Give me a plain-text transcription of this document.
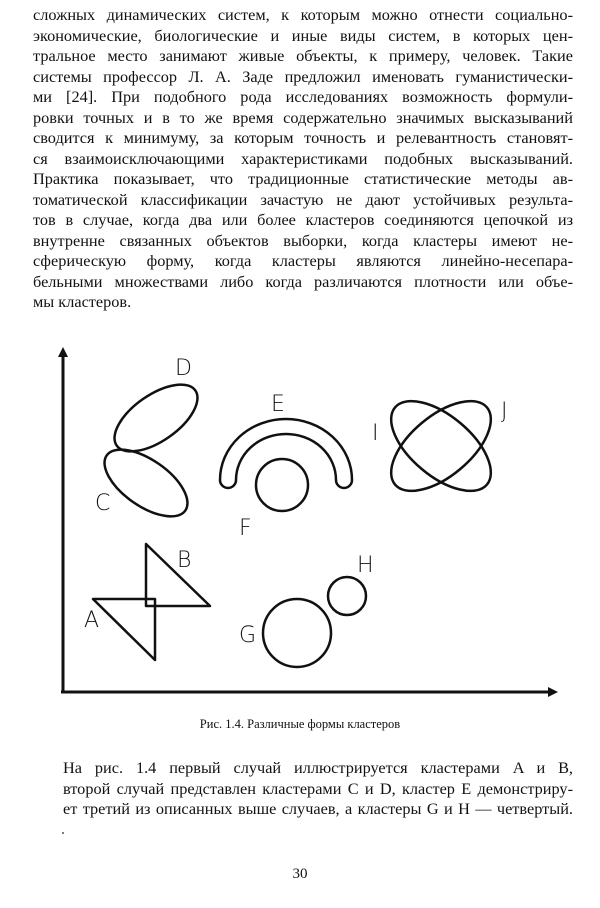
сложных динамических систем, к которым можно отнести социально-
экономические, биологические и иные виды систем, в которых цен-
тральное место занимают живые объекты, к примеру, человек. Такие
системы профессор Л. А. Заде предложил именовать гуманистически-
ми [24]. При подобного рода исследованиях возможность формули-
ровки точных и в то же время содержательно значимых высказываний
сводится к минимуму, за которым точность и релевантность становят-
ся взаимоисключающими характеристиками подобных высказываний.
Практика показывает, что традиционные статистические методы ав-
томатической классификации зачастую не дают устойчивых результа-
тов в случае, когда два или более кластеров соединяются цепочкой из
внутренне связанных объектов выборки, когда кластеры имеют не-
сферическую форму, когда кластеры являются линейно-несепара-
бельными множествами либо когда различаются плотности или объе-
мы кластеров.
D
C
E
F
I
J
B
A
G
H
Рис. 1.4. Различные формы кластеров
На рис. 1.4 первый случай иллюстрируется кластерами A и B,
второй случай представлен кластерами C и D, кластер E демонстриру-
ет третий из описанных выше случаев, а кластеры G и H — четвертый.
30
